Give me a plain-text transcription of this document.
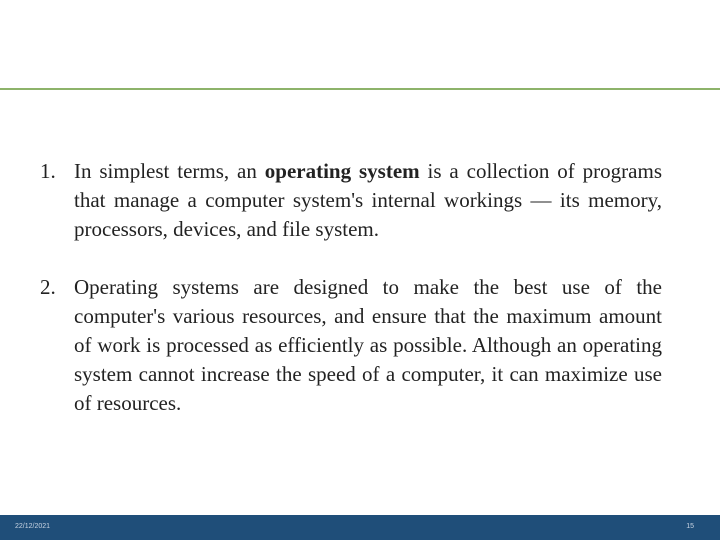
1. In simplest terms, an operating system is a collection of programs that manage a computer system's internal workings — its memory, processors, devices, and file system.
2. Operating systems are designed to make the best use of the computer's various resources, and ensure that the maximum amount of work is processed as efficiently as possible. Although an operating system cannot increase the speed of a computer, it can maximize use of resources.
22/12/2021	15
